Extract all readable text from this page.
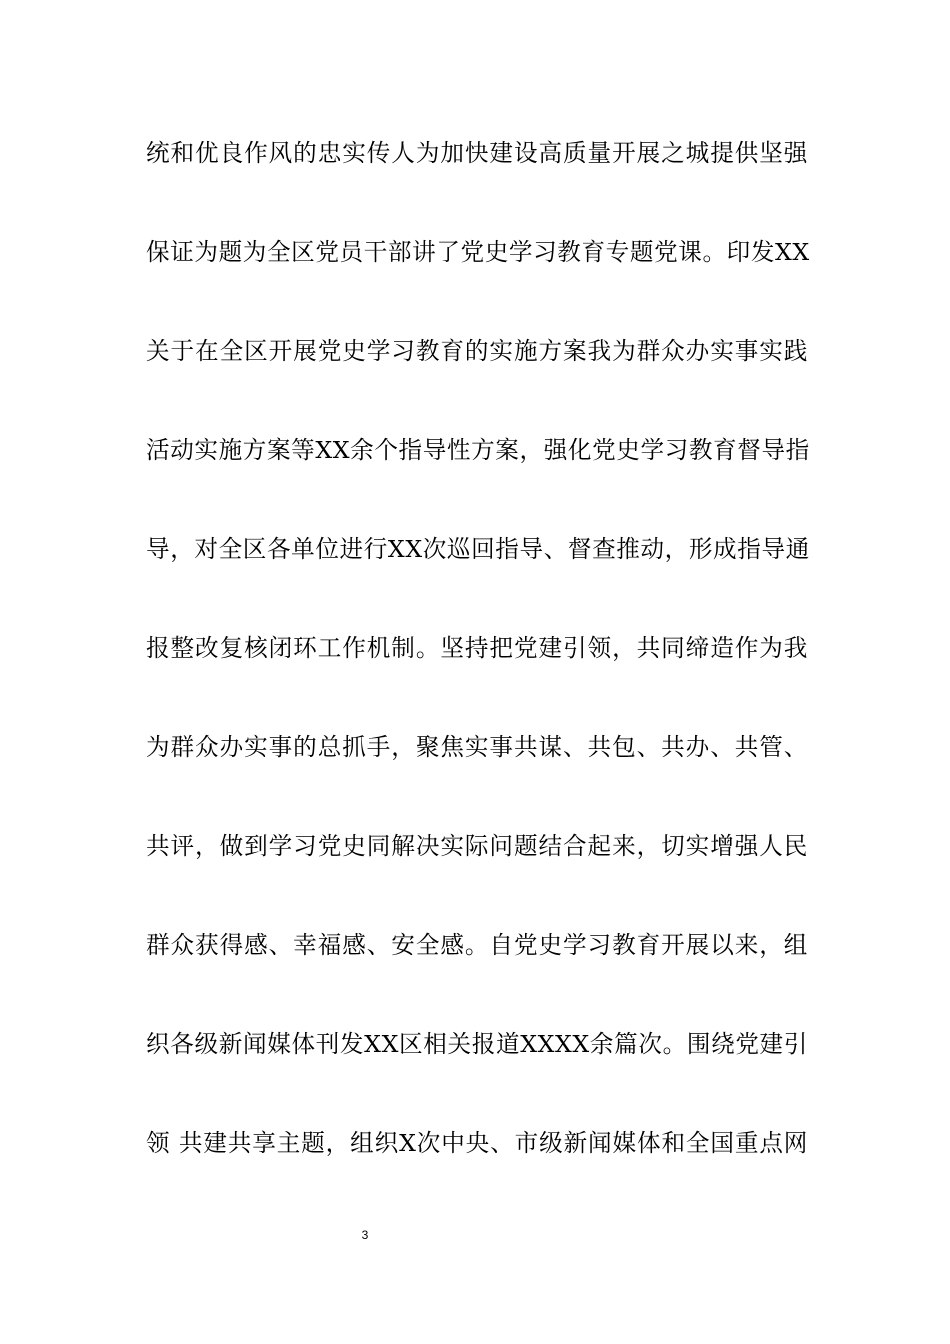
统和优良作风的忠实传人为加快建设高质量开展之城提供坚强
保证为题为全区党员干部讲了党史学习教育专题党课。印发XX
关于在全区开展党史学习教育的实施方案我为群众办实事实践
活动实施方案等XX余个指导性方案，强化党史学习教育督导指
导，对全区各单位进行XX次巡回指导、督查推动，形成指导通
报整改复核闭环工作机制。坚持把党建引领，共同缔造作为我
为群众办实事的总抓手，聚焦实事共谋、共包、共办、共管、
共评，做到学习党史同解决实际问题结合起来，切实增强人民
群众获得感、幸福感、安全感。自党史学习教育开展以来，组
织各级新闻媒体刊发XX区相关报道XXXX余篇次。围绕党建引
领 共建共享主题，组织X次中央、市级新闻媒体和全国重点网
3
